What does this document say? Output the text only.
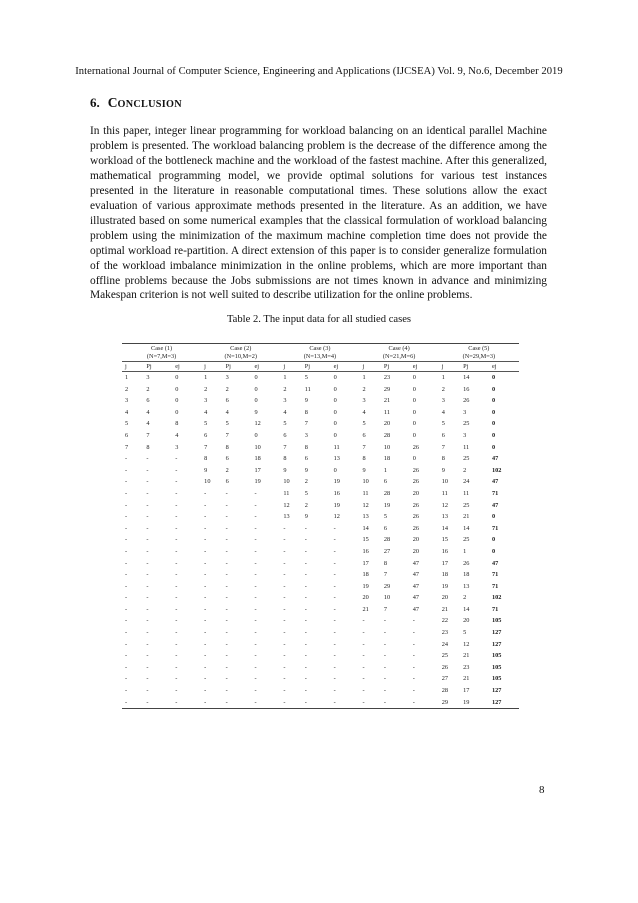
International Journal of Computer Science, Engineering and Applications (IJCSEA) Vol. 9, No.6, December 2019
6. CONCLUSION

In this paper, integer linear programming for workload balancing on an identical parallel Machine problem is presented. The workload balancing problem is the decrease of the difference among the workload of the bottleneck machine and the workload of the fastest machine. After this generalized, mathematical programming model, we provide optimal solutions for various test instances presented in the literature in reasonable computational times. These solutions allow the exact evaluation of various approximate methods presented in the literature. As an addition, we have illustrated based on some numerical examples that the classical formulation of workload balancing problem using the minimization of the maximum machine completion time does not provide the optimal workload re-partition. A direct extension of this paper is to consider generalize formulation of the workload imbalance minimization in the online problems, which are more important than offline problems because the Jobs submissions are not times known in advance and minimizing Makespan criterion is not well suited to describe utilization for the online problems.

Table 2. The input data for all studied cases
Case (1)			Case (2)			Case (3)			Case (4)			Case (5)		
(N=7,M=3)			(N=10,M=2)			(N=13,M=4)			(N=21,M=6)			(N=29,M=3)		
j	Pj	ej	j	Pj	ej	j	Pj	ej	j	Pj	ej	j	Pj	ej
1	3	0	1	3	0	1	5	0	1	23	0	1	14	0
2	2	0	2	2	0	2	11	0	2	29	0	2	16	0
3	6	0	3	6	0	3	9	0	3	21	0	3	26	0
4	4	0	4	4	9	4	8	0	4	11	0	4	3	0
5	4	8	5	5	12	5	7	0	5	20	0	5	25	0
6	7	4	6	7	0	6	3	0	6	28	0	6	3	0
7	8	3	7	8	10	7	8	11	7	10	26	7	11	0
-	-	-	8	6	18	8	6	13	8	18	0	8	25	47
-	-	-	9	2	17	9	9	0	9	1	26	9	2	102
-	-	-	10	6	19	10	2	19	10	6	26	10	24	47
-	-	-	-	-	-	11	5	16	11	28	20	11	11	71
-	-	-	-	-	-	12	2	19	12	19	26	12	25	47
-	-	-	-	-	-	13	9	12	13	5	26	13	21	0
-	-	-	-	-	-	-	-	-	14	6	26	14	14	71
-	-	-	-	-	-	-	-	-	15	28	20	15	25	0
-	-	-	-	-	-	-	-	-	16	27	20	16	1	0
-	-	-	-	-	-	-	-	-	17	8	47	17	26	47
-	-	-	-	-	-	-	-	-	18	7	47	18	18	71
-	-	-	-	-	-	-	-	-	19	29	47	19	13	71
-	-	-	-	-	-	-	-	-	20	10	47	20	2	102
-	-	-	-	-	-	-	-	-	21	7	47	21	14	71
-	-	-	-	-	-	-	-	-	-	-	-	22	20	105
-	-	-	-	-	-	-	-	-	-	-	-	23	5	127
-	-	-	-	-	-	-	-	-	-	-	-	24	12	127
-	-	-	-	-	-	-	-	-	-	-	-	25	21	105
-	-	-	-	-	-	-	-	-	-	-	-	26	23	105
-	-	-	-	-	-	-	-	-	-	-	-	27	21	105
-	-	-	-	-	-	-	-	-	-	-	-	28	17	127
-	-	-	-	-	-	-	-	-	-	-	-	29	19	127
8
